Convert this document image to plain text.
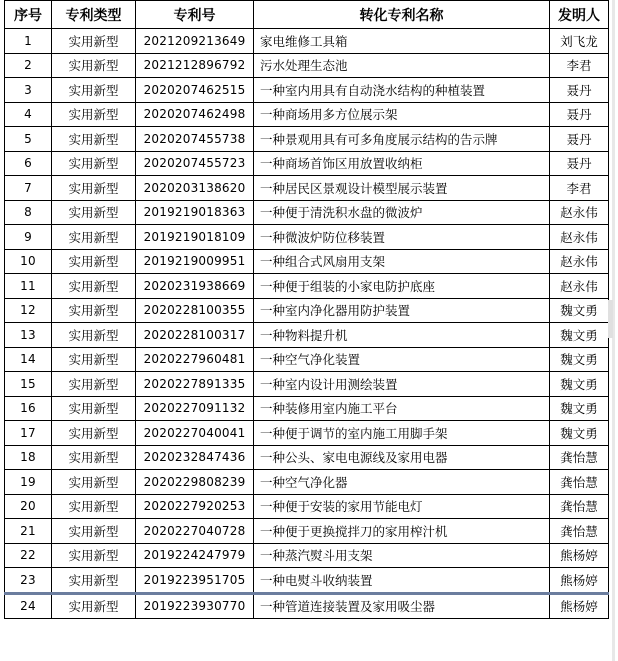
序号	专利类型	专利号	转化专利名称	发明人
1	实用新型	2021209213649	家电维修工具箱	刘飞龙
2	实用新型	2021212896792	污水处理生态池	李君
3	实用新型	2020207462515	一种室内用具有自动浇水结构的种植装置	聂丹
4	实用新型	2020207462498	一种商场用多方位展示架	聂丹
5	实用新型	2020207455738	一种景观用具有可多角度展示结构的告示牌	聂丹
6	实用新型	2020207455723	一种商场首饰区用放置收纳柜	聂丹
7	实用新型	2020203138620	一种居民区景观设计模型展示装置	李君
8	实用新型	2019219018363	一种便于清洗积水盘的微波炉	赵永伟
9	实用新型	2019219018109	一种微波炉防位移装置	赵永伟
10	实用新型	2019219009951	一种组合式风扇用支架	赵永伟
11	实用新型	2020231938669	一种便于组装的小家电防护底座	赵永伟
12	实用新型	2020228100355	一种室内净化器用防护装置	魏文勇
13	实用新型	2020228100317	一种物料提升机	魏文勇
14	实用新型	2020227960481	一种空气净化装置	魏文勇
15	实用新型	2020227891335	一种室内设计用测绘装置	魏文勇
16	实用新型	2020227091132	一种装修用室内施工平台	魏文勇
17	实用新型	2020227040041	一种便于调节的室内施工用脚手架	魏文勇
18	实用新型	2020232847436	一种公头、家电电源线及家用电器	龚怡慧
19	实用新型	2020229808239	一种空气净化器	龚怡慧
20	实用新型	2020227920253	一种便于安装的家用节能电灯	龚怡慧
21	实用新型	2020227040728	一种便于更换搅拌刀的家用榨汁机	龚怡慧
22	实用新型	2019224247979	一种蒸汽熨斗用支架	熊杨婷
23	实用新型	2019223951705	一种电熨斗收纳装置	熊杨婷
24	实用新型	2019223930770	一种管道连接装置及家用吸尘器	熊杨婷
